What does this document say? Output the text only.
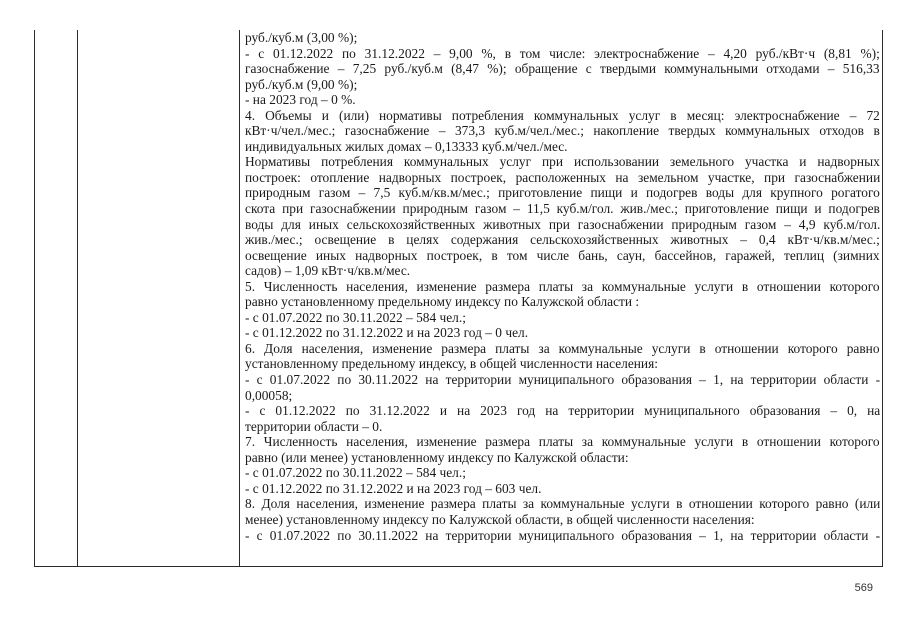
руб./куб.м (3,00 %);

- с 01.12.2022 по 31.12.2022 – 9,00 %, в том числе: электроснабжение – 4,20 руб./кВт·ч (8,81 %);

газоснабжение – 7,25 руб./куб.м (8,47 %); обращение с твердыми коммунальными отходами – 516,33

руб./куб.м (9,00 %);

- на 2023 год – 0 %.

4. Объемы и (или) нормативы потребления коммунальных услуг в месяц: электроснабжение – 72

кВт·ч/чел./мес.; газоснабжение – 373,3 куб.м/чел./мес.; накопление твердых коммунальных отходов в

индивидуальных жилых домах – 0,13333 куб.м/чел./мес.

Нормативы потребления коммунальных услуг при использовании земельного участка и надворных

построек: отопление надворных построек, расположенных на земельном участке, при газоснабжении

природным газом – 7,5 куб.м/кв.м/мес.; приготовление пищи и подогрев воды для крупного рогатого

скота при газоснабжении природным газом – 11,5 куб.м/гол. жив./мес.; приготовление пищи и подогрев

воды для иных сельскохозяйственных животных при газоснабжении природным газом – 4,9 куб.м/гол.

жив./мес.; освещение в целях содержания сельскохозяйственных животных – 0,4 кВт·ч/кв.м/мес.;

освещение иных надворных построек, в том числе бань, саун, бассейнов, гаражей, теплиц (зимних

садов) – 1,09 кВт·ч/кв.м/мес.

5. Численность населения, изменение размера платы за коммунальные услуги в отношении которого

равно установленному предельному индексу по Калужской области :

- с 01.07.2022 по 30.11.2022 – 584 чел.;

- с 01.12.2022 по 31.12.2022 и на 2023 год – 0 чел.

6. Доля населения, изменение размера платы за коммунальные услуги в отношении которого равно

установленному предельному индексу, в общей численности населения:

- с 01.07.2022 по 30.11.2022 на территории муниципального образования – 1, на территории области -

0,00058;

- с 01.12.2022 по 31.12.2022 и на 2023 год на территории муниципального образования – 0, на

территории области – 0.

7. Численность населения, изменение размера платы за коммунальные услуги в отношении которого

равно (или менее) установленному индексу по Калужской области:

- с 01.07.2022 по 30.11.2022 – 584 чел.;

- с 01.12.2022 по 31.12.2022 и на 2023 год – 603 чел.

8. Доля населения, изменение размера платы за коммунальные услуги в отношении которого равно (или

менее) установленному индексу по Калужской области, в общей численности населения:

- с 01.07.2022 по 30.11.2022 на территории муниципального образования – 1, на территории области -

569
